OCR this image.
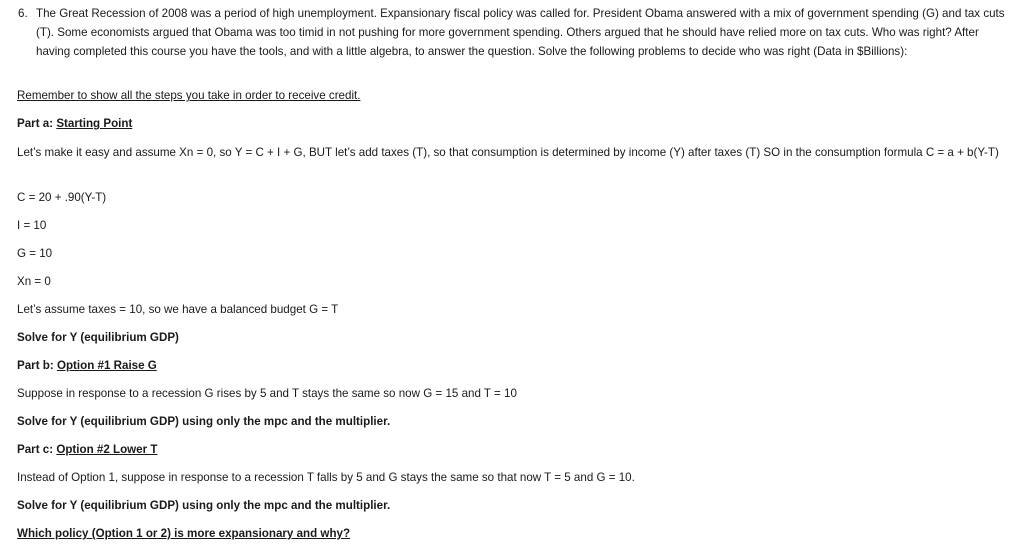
6. The Great Recession of 2008 was a period of high unemployment. Expansionary fiscal policy was called for. President Obama answered with a mix of government spending (G) and tax cuts (T). Some economists argued that Obama was too timid in not pushing for more government spending. Others argued that he should have relied more on tax cuts. Who was right? After having completed this course you have the tools, and with a little algebra, to answer the question. Solve the following problems to decide who was right (Data in $Billions):
Remember to show all the steps you take in order to receive credit.
Part a: Starting Point
Let’s make it easy and assume Xn = 0, so Y = C + I + G, BUT let’s add taxes (T), so that consumption is determined by income (Y) after taxes (T) SO in the consumption formula C = a + b(Y-T)
C = 20 + .90(Y-T)
I = 10
G = 10
Xn = 0
Let’s assume taxes = 10, so we have a balanced budget G = T
Solve for Y (equilibrium GDP)
Part b: Option #1 Raise G
Suppose in response to a recession G rises by 5 and T stays the same so now G = 15 and T = 10
Solve for Y (equilibrium GDP) using only the mpc and the multiplier.
Part c: Option #2 Lower T
Instead of Option 1, suppose in response to a recession T falls by 5 and G stays the same so that now T = 5 and G = 10.
Solve for Y (equilibrium GDP) using only the mpc and the multiplier.
Which policy (Option 1 or 2) is more expansionary and why?
